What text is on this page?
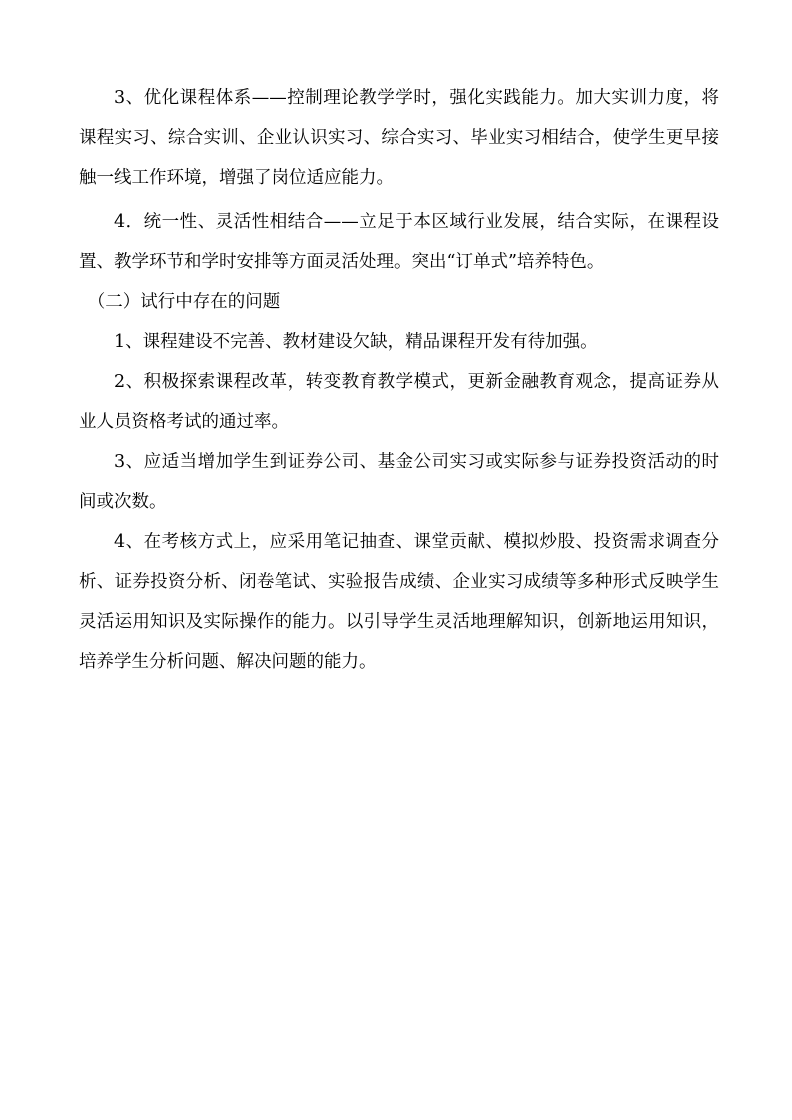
3、优化课程体系——控制理论教学学时，强化实践能力。加大实训力度，将课程实习、综合实训、企业认识实习、综合实习、毕业实习相结合，使学生更早接触一线工作环境，增强了岗位适应能力。

4．统一性、灵活性相结合——立足于本区域行业发展，结合实际，在课程设置、教学环节和学时安排等方面灵活处理。突出“订单式”培养特色。

（二）试行中存在的问题

1、课程建设不完善、教材建设欠缺，精品课程开发有待加强。

2、积极探索课程改革，转变教育教学模式，更新金融教育观念，提高证券从业人员资格考试的通过率。

3、应适当增加学生到证券公司、基金公司实习或实际参与证券投资活动的时间或次数。

4、在考核方式上，应采用笔记抽查、课堂贡献、模拟炒股、投资需求调查分析、证券投资分析、闭卷笔试、实验报告成绩、企业实习成绩等多种形式反映学生灵活运用知识及实际操作的能力。以引导学生灵活地理解知识，创新地运用知识，培养学生分析问题、解决问题的能力。
